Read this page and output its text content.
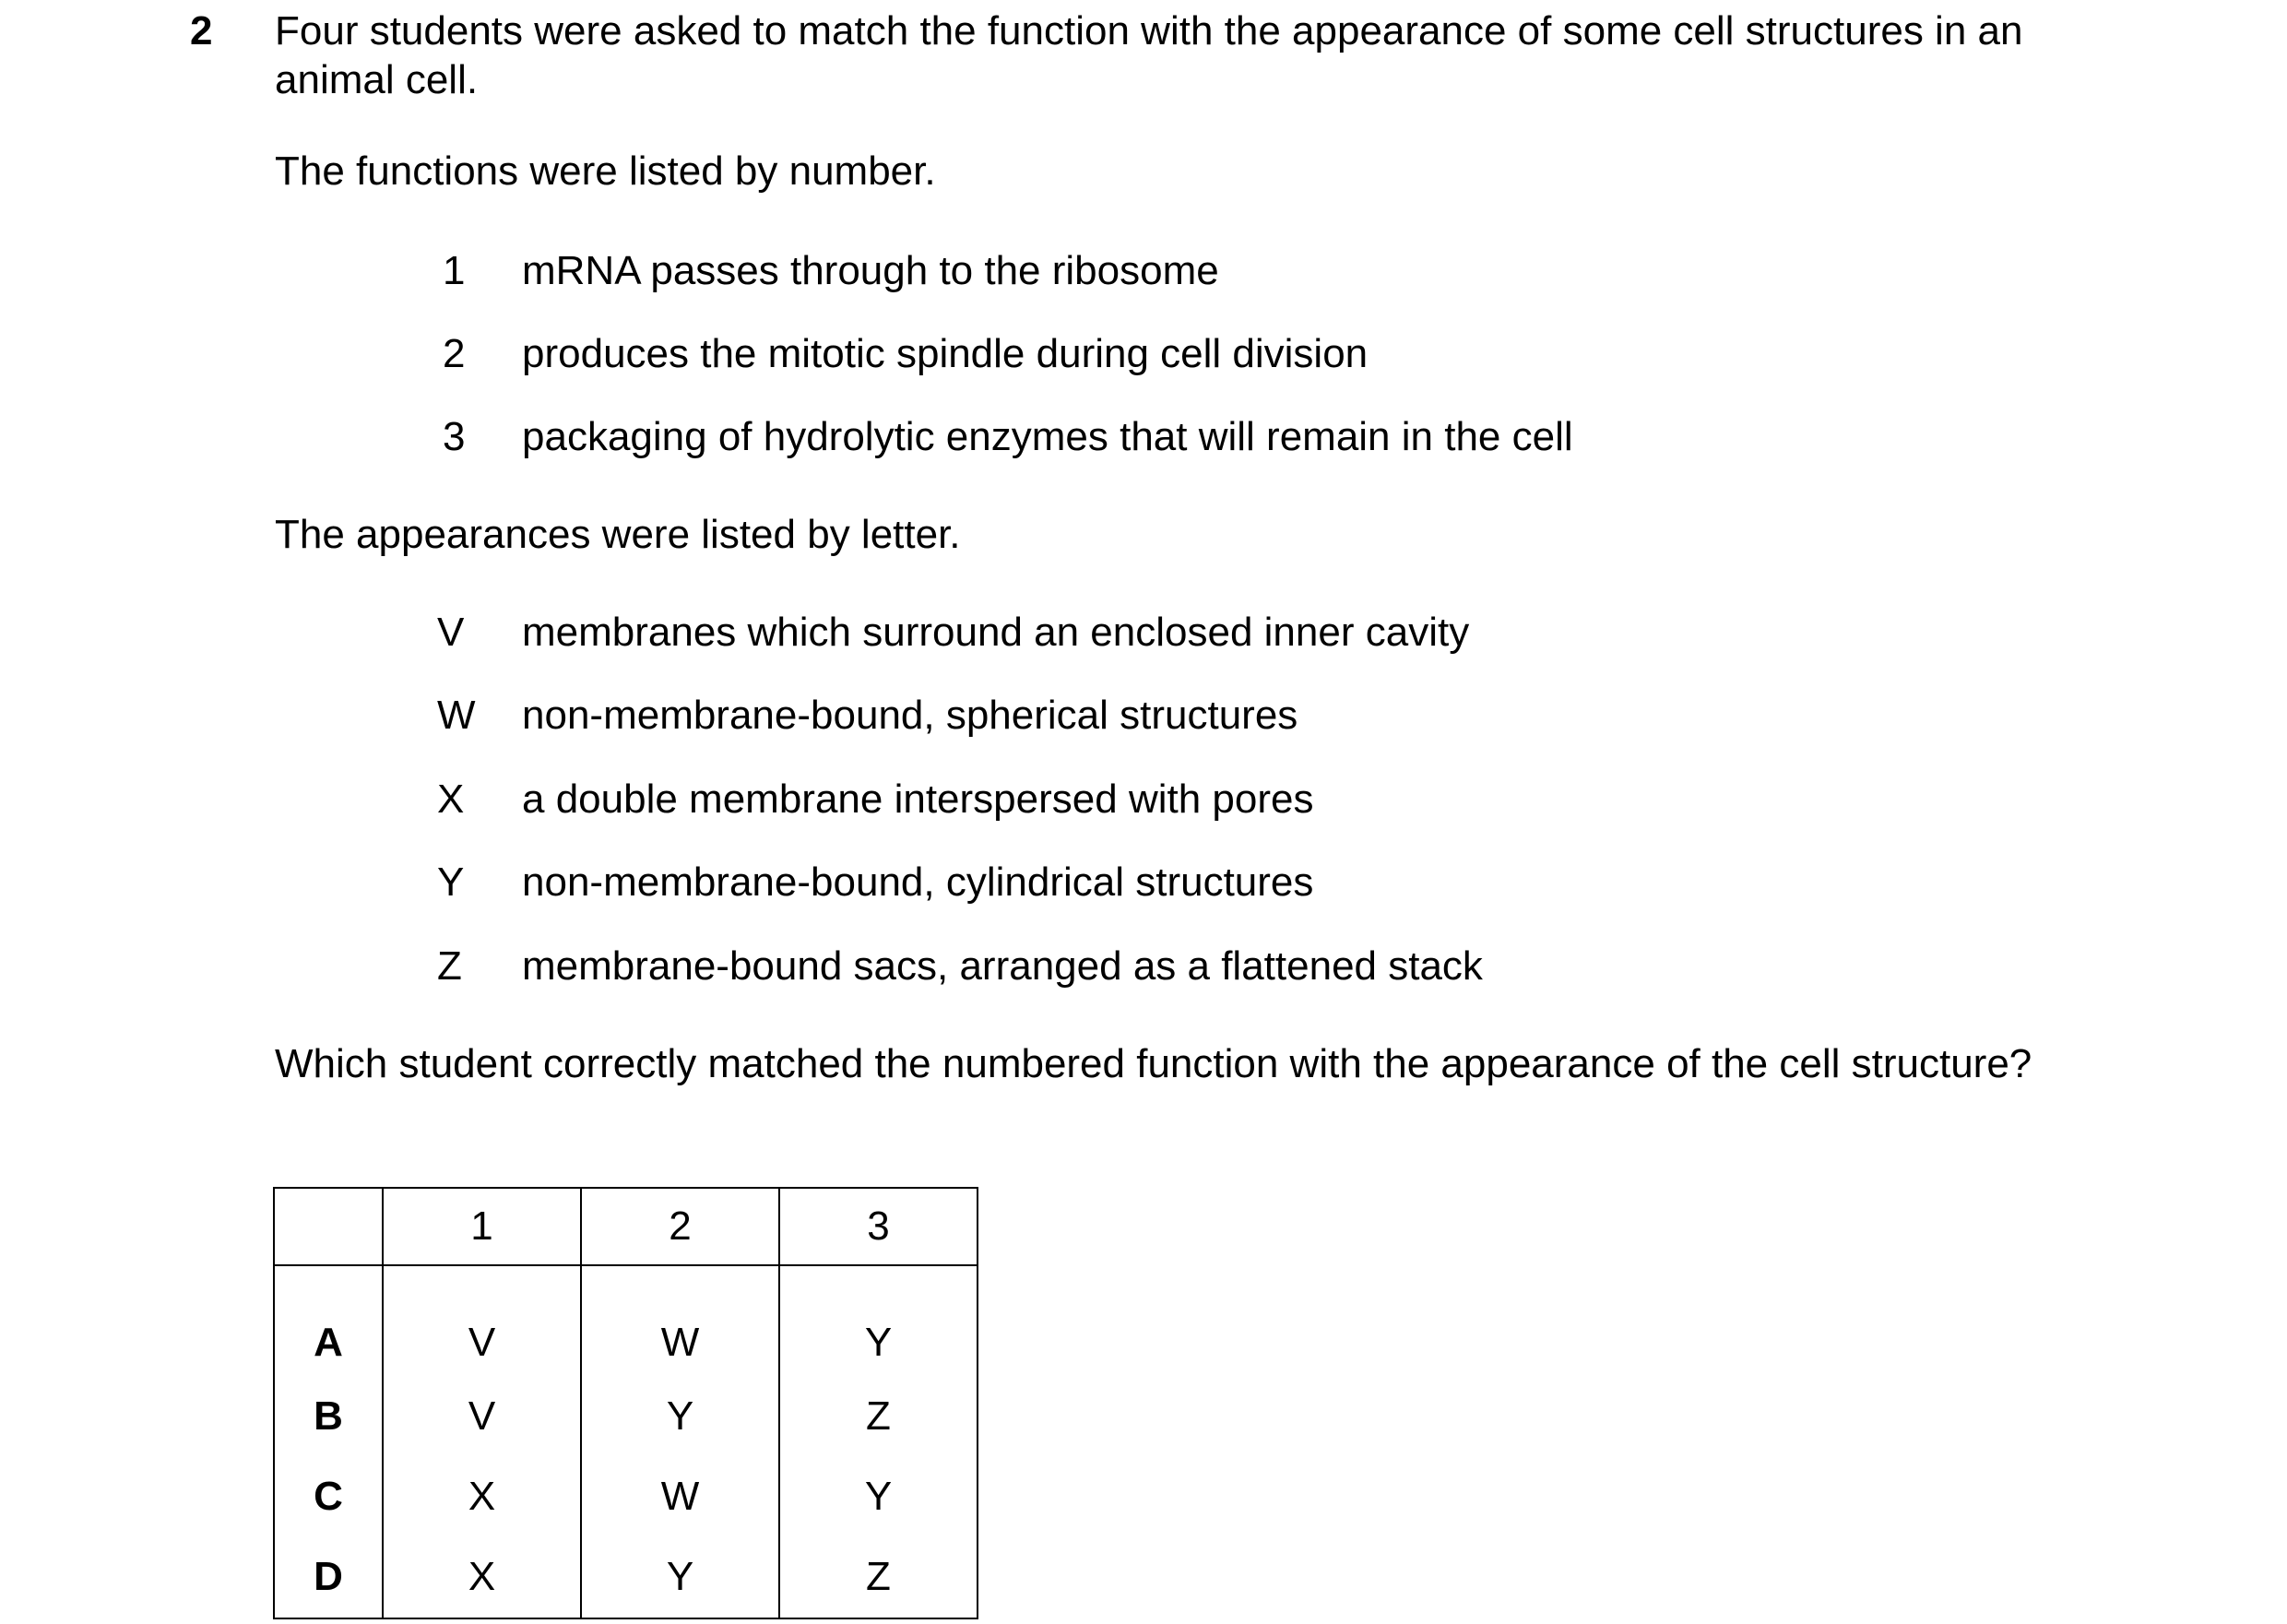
2 Four students were asked to match the function with the appearance of some cell structures in an animal cell.

The functions were listed by number.

1 mRNA passes through to the ribosome
2 produces the mitotic spindle during cell division
3 packaging of hydrolytic enzymes that will remain in the cell

The appearances were listed by letter.

V membranes which surround an enclosed inner cavity
W non-membrane-bound, spherical structures
X a double membrane interspersed with pores
Y non-membrane-bound, cylindrical structures
Z membrane-bound sacs, arranged as a flattened stack

Which student correctly matched the numbered function with the appearance of the cell structure?

	1	2	3
A	V	W	Y
B	V	Y	Z
C	X	W	Y
D	X	Y	Z
